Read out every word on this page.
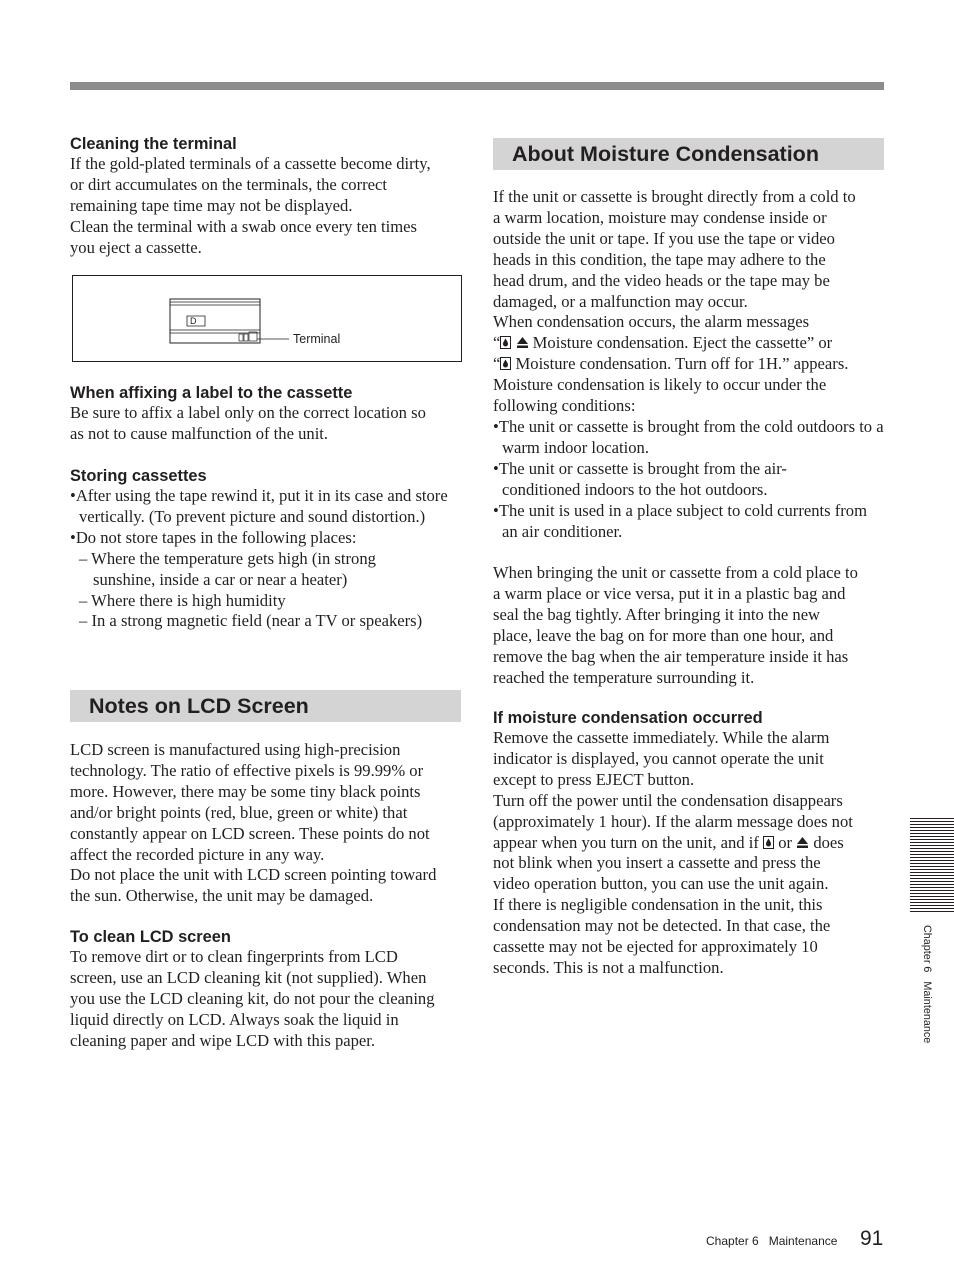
Cleaning the terminal
If the gold-plated terminals of a cassette become dirty,
or dirt accumulates on the terminals, the correct
remaining tape time may not be displayed.
Clean the terminal with a swab once every ten times
you eject a cassette.
D
Terminal
When affixing a label to the cassette
Be sure to affix a label only on the correct location so
as not to cause malfunction of the unit.
Storing cassettes
•After using the tape rewind it, put it in its case and store vertically. (To prevent picture and sound distortion.)
•Do not store tapes in the following places:
– Where the temperature gets high (in strong sunshine, inside a car or near a heater)
– Where there is high humidity
– In a strong magnetic field (near a TV or speakers)
Notes on LCD Screen
LCD screen is manufactured using high-precision
technology. The ratio of effective pixels is 99.99% or
more. However, there may be some tiny black points
and/or bright points (red, blue, green or white) that
constantly appear on LCD screen. These points do not
affect the recorded picture in any way.
Do not place the unit with LCD screen pointing toward
the sun. Otherwise, the unit may be damaged.
To clean LCD screen
To remove dirt or to clean fingerprints from LCD
screen, use an LCD cleaning kit (not supplied). When
you use the LCD cleaning kit, do not pour the cleaning
liquid directly on LCD. Always soak the liquid in
cleaning paper and wipe LCD with this paper.
About Moisture Condensation
If the unit or cassette is brought directly from a cold to
a warm location, moisture may condense inside or
outside the unit or tape. If you use the tape or video
heads in this condition, the tape may adhere to the
head drum, and the video heads or the tape may be
damaged, or a malfunction may occur.
When condensation occurs, the alarm messages
“  Moisture condensation. Eject the cassette” or
“ Moisture condensation. Turn off for 1H.” appears.
Moisture condensation is likely to occur under the
following conditions:
•The unit or cassette is brought from the cold outdoors to a warm indoor location.
•The unit or cassette is brought from the air-conditioned indoors to the hot outdoors.
•The unit is used in a place subject to cold currents from an air conditioner.
When bringing the unit or cassette from a cold place to
a warm place or vice versa, put it in a plastic bag and
seal the bag tightly. After bringing it into the new
place, leave the bag on for more than one hour, and
remove the bag when the air temperature inside it has
reached the temperature surrounding it.
If moisture condensation occurred
Remove the cassette immediately. While the alarm
indicator is displayed, you cannot operate the unit
except to press EJECT button.
Turn off the power until the condensation disappears
(approximately 1 hour). If the alarm message does not
appear when you turn on the unit, and if  or  does
not blink when you insert a cassette and press the
video operation button, you can use the unit again.
If there is negligible condensation in the unit, this
condensation may not be detected. In that case, the
cassette may not be ejected for approximately 10
seconds. This is not a malfunction.	Chapter 6   Maintenance
Chapter 6   Maintenance 91
